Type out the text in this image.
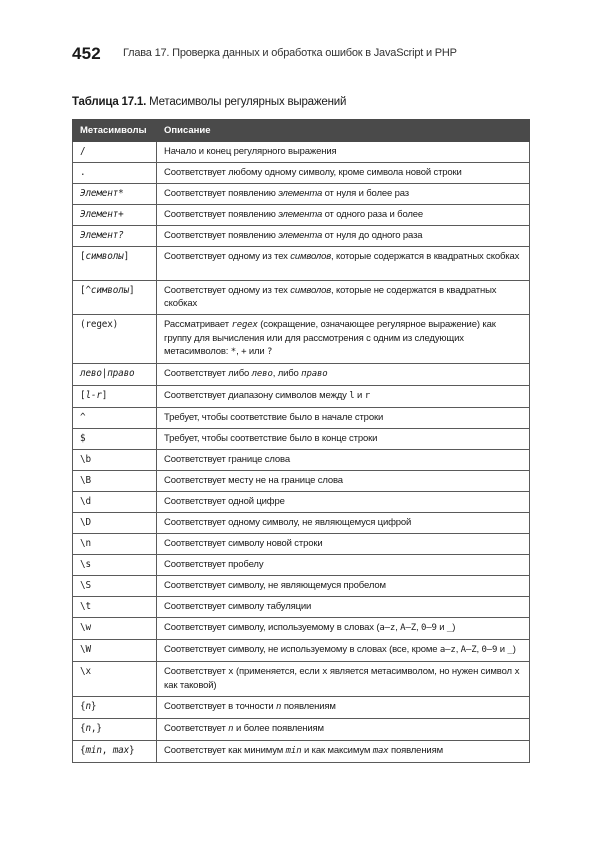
452 Глава 17. Проверка данных и обработка ошибок в JavaScript и PHP
Таблица 17.1. Метасимволы регулярных выражений
Метасимволы	Описание
/	Начало и конец регулярного выражения
.	Соответствует любому одному символу, кроме символа новой строки
Элемент*	Соответствует появлению элемента от нуля и более раз
Элемент+	Соответствует появлению элемента от одного раза и более
Элемент?	Соответствует появлению элемента от нуля до одного раза
[символы]	Соответствует одному из тех символов, которые содержатся в квадратных скобках
[^символы]	Соответствует одному из тех символов, которые не содержатся в квадратных скобках
(regex)	Рассматривает regex (сокращение, означающее регулярное выражение) как группу для вычисления или для рассмотрения с одним из следующих метасимволов: *, + или ?
лево|право	Соответствует либо лево, либо право
[l-r]	Соответствует диапазону символов между l и r
^	Требует, чтобы соответствие было в начале строки
$	Требует, чтобы соответствие было в конце строки
\b	Соответствует границе слова
\B	Соответствует месту не на границе слова
\d	Соответствует одной цифре
\D	Соответствует одному символу, не являющемуся цифрой
\n	Соответствует символу новой строки
\s	Соответствует пробелу
\S	Соответствует символу, не являющемуся пробелом
\t	Соответствует символу табуляции
\w	Соответствует символу, используемому в словах (a–z, A–Z, 0–9 и _)
\W	Соответствует символу, не используемому в словах (все, кроме a–z, A–Z, 0–9 и _)
\x	Соответствует x (применяется, если x является метасимволом, но нужен символ x как таковой)
{n}	Соответствует в точности n появлениям
{n,}	Соответствует n и более появлениям
{min, max}	Соответствует как минимум min и как максимум max появлениям
